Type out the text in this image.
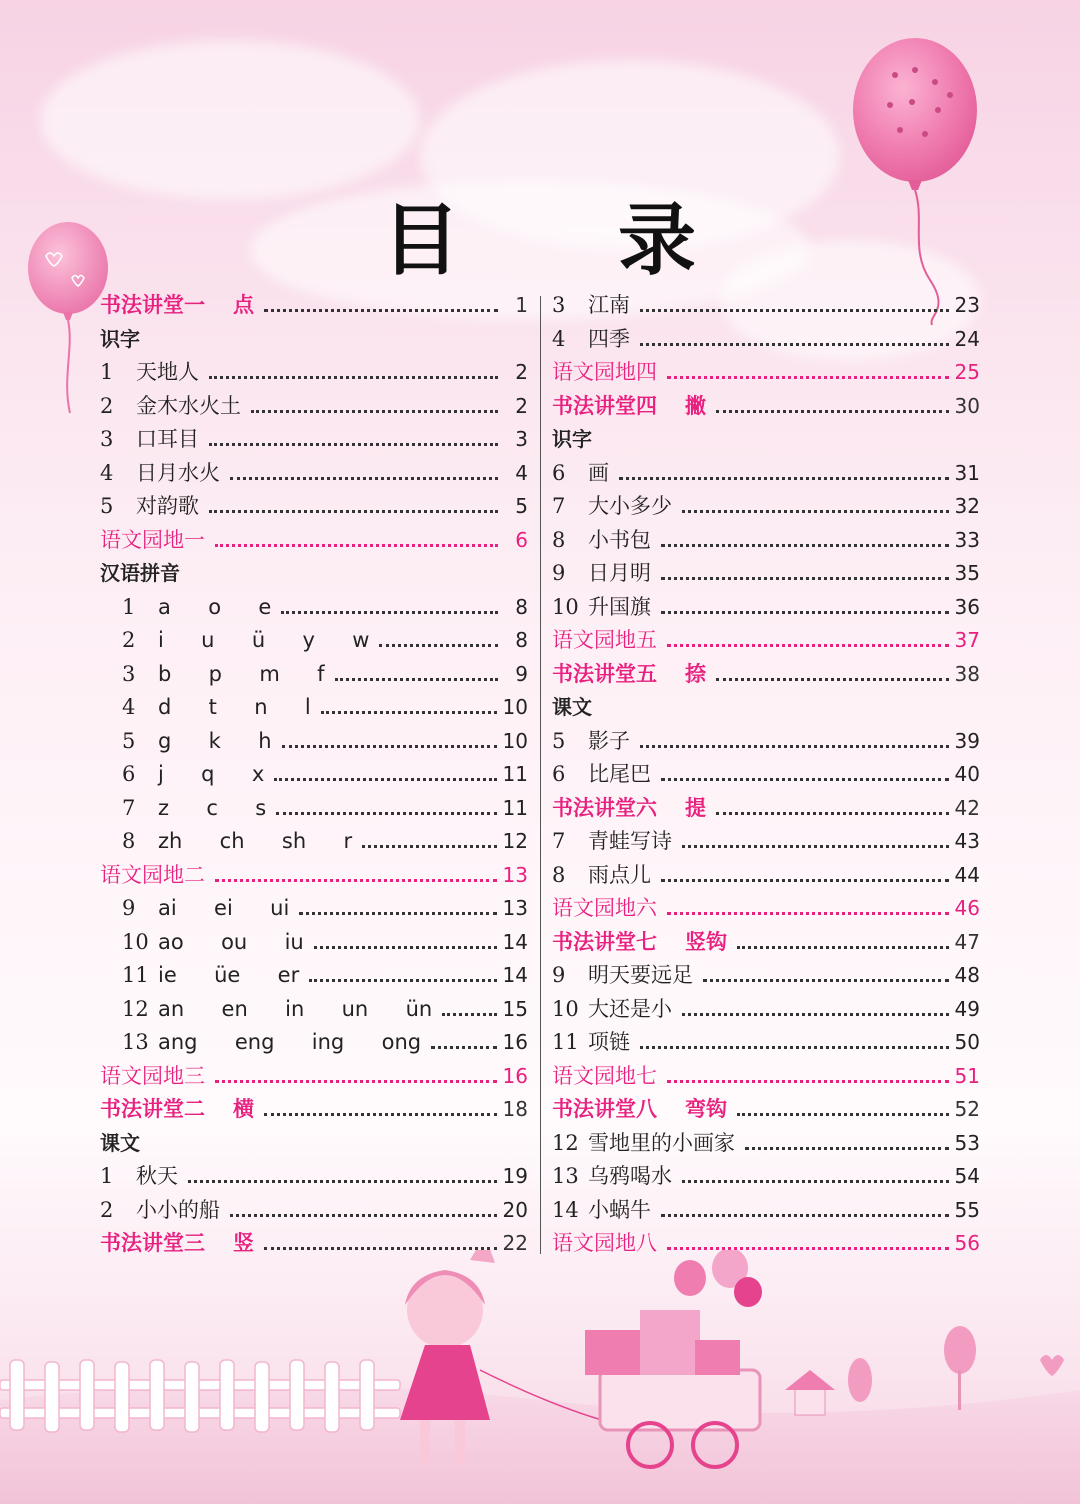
目 录
书法讲堂一 点	1
识字
1	天地人	2
2	金木水火土	2
3	口耳目	3
4	日月水火	4
5	对韵歌	5
语文园地一	6
汉语拼音
1	a  o  e	8
2	i  u  ü  y  w	8
3	b  p  m  f	9
4	d  t  n  l	10
5	g  k  h	10
6	j  q  x	11
7	z  c  s	11
8	zh  ch  sh  r	12
语文园地二	13
9	ai  ei  ui	13
10 ao  ou  iu	14
11 ie  üe  er	14
12 an  en  in  un  ün	15
13 ang  eng  ing  ong	16
语文园地三	16
书法讲堂二 横	18
课文
1	秋天	19
2	小小的船	20
书法讲堂三 竖	22
3	江南	23
4	四季	24
语文园地四	25
书法讲堂四 撇	30
识字
6	画	31
7	大小多少	32
8	小书包	33
9	日月明	35
10 升国旗	36
语文园地五	37
书法讲堂五 捺	38
课文
5	影子	39
6	比尾巴	40
书法讲堂六 提	42
7	青蛙写诗	43
8	雨点儿	44
语文园地六	46
书法讲堂七 竖钩	47
9	明天要远足	48
10 大还是小	49
11 项链	50
语文园地七	51
书法讲堂八 弯钩	52
12 雪地里的小画家	53
13 乌鸦喝水	54
14 小蜗牛	55
语文园地八	56
